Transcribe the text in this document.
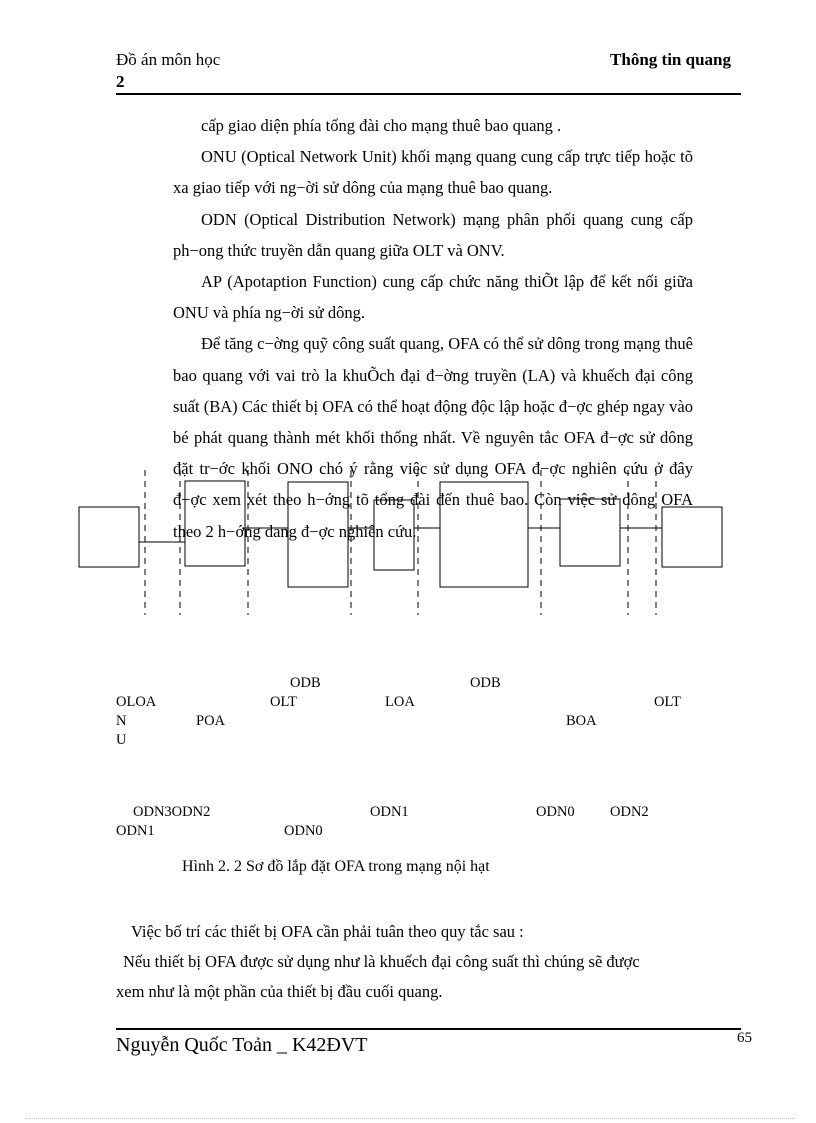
Đồ án môn học
2
Thông tin quang

cấp giao diện phía tổng đài cho mạng thuê bao quang .

ONU (Optical Network Unit) khối mạng quang cung cấp trực tiếp hoặc tõ xa giao tiếp với ng−ời sử dông của mạng thuê bao quang.

ODN (Optical Distribution Network) mạng phân phối quang cung cấp ph−ong thức truyền dẫn quang giữa OLT và ONV.

AP (Apotaption Function) cung cấp chức năng thiÕt lập để kết nối giữa ONU và phía ng−ời sử dông.

Để tăng c−ờng quỹ công suất quang, OFA có thể sử dông trong mạng thuê bao quang với vai trò la khuÕch đại đ−ờng truyền (LA) và khuếch đại công suất (BA) Các thiết bị OFA có thể hoạt động độc lập hoặc đ−ợc ghép ngay vào bé phát quang thành mét khối thống nhất. Về nguyên tắc OFA đ−ợc sử dông đặt tr−ớc khối ONO chó ý rằng việc sử dụng OFA đ−ợc nghiên cứu ở đây đ−ợc xem xét theo h−ớng tõ tổng đài đến thuê bao. Còn việc sử dông OFA theo 2 h−ớng dang đ−ợc nghiên cứu.

ODB	ODB
OLOA	OLT	LOA	OLT
N	POA	BOA
U
ODN3ODN2	ODN1	ODN0 ODN2
ODN1	ODN0
Hình 2. 2 Sơ đồ lắp đặt OFA trong mạng nội hạt
Việc bố trí các thiết bị OFA cần phải tuân theo quy tắc sau :
Nếu thiết bị OFA được sử dụng như là khuếch đại công suất thì chúng sẽ được
xem như là một phần của thiết bị đầu cuối quang.
Nguyễn Quốc Toản _ K42ĐVT	65
